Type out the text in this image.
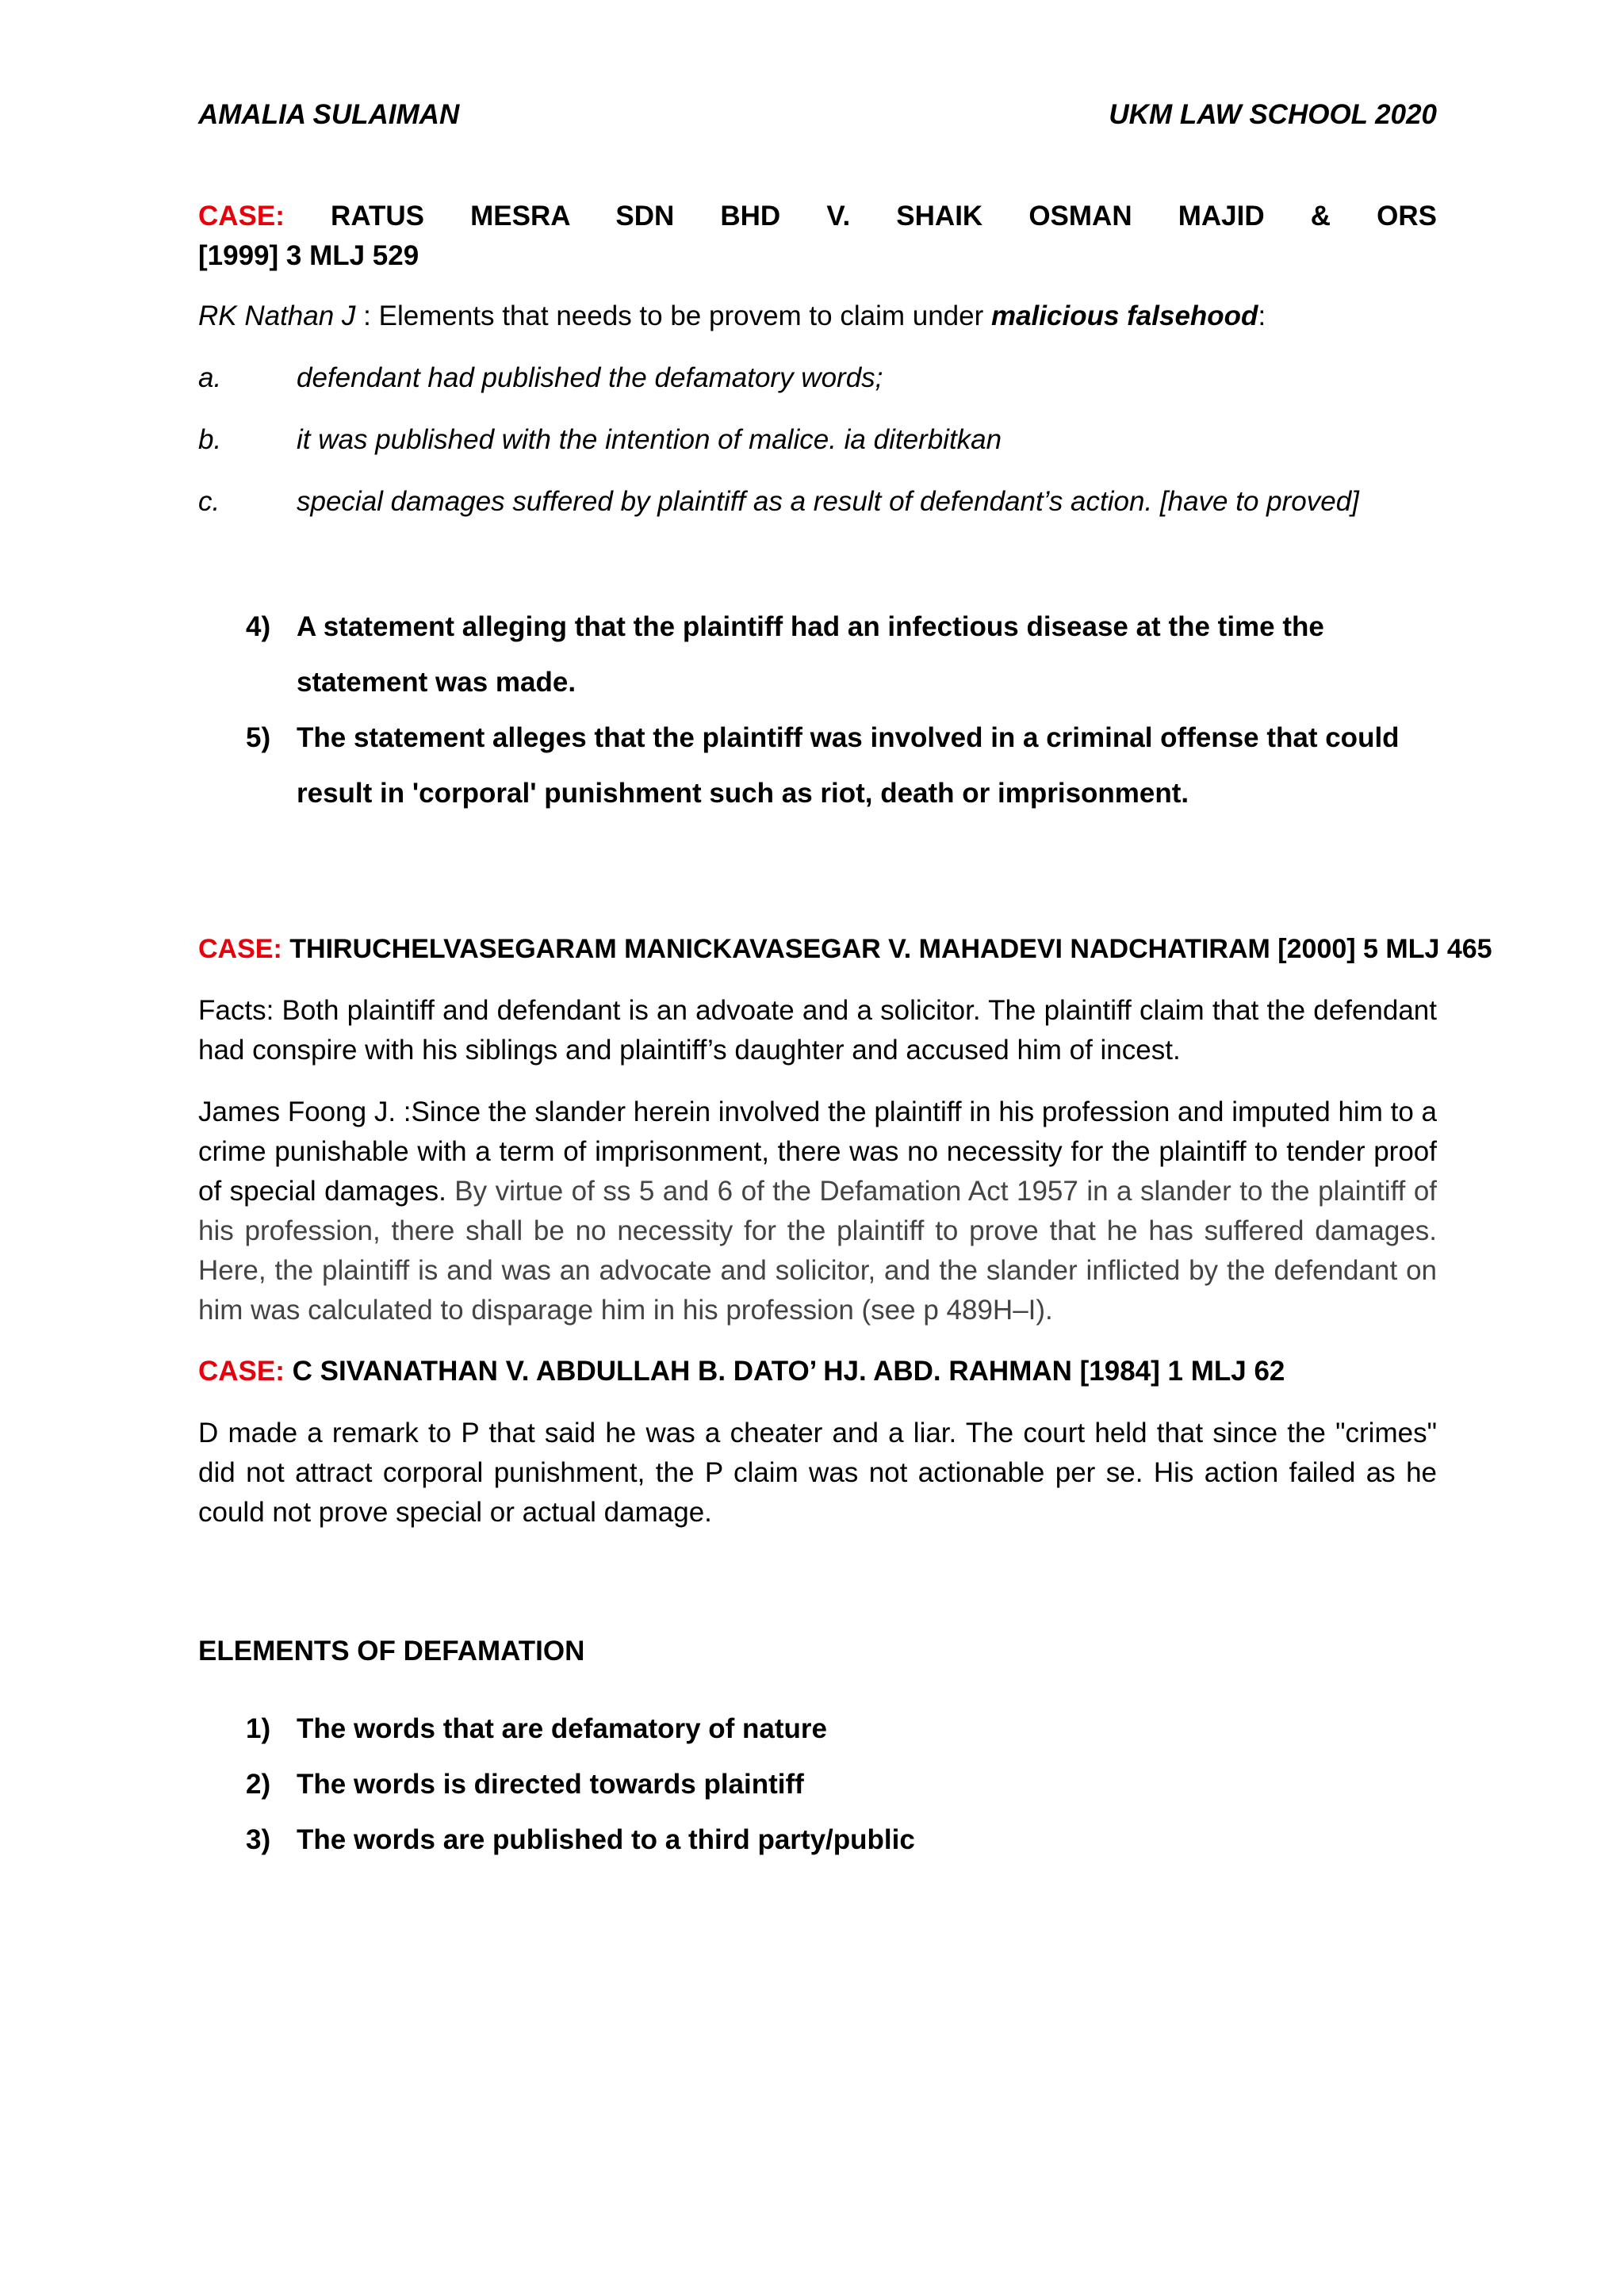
AMALIA SULAIMAN	UKM LAW SCHOOL 2020
CASE: RATUS MESRA SDN BHD V. SHAIK OSMAN MAJID & ORS
[1999] 3 MLJ 529

RK Nathan J : Elements that needs to be provem to claim under malicious falsehood:

a.	defendant had published the defamatory words;
b.	it was published with the intention of malice. ia diterbitkan
c.	special damages suffered by plaintiff as a result of defendant’s action. [have to proved]
4) A statement alleging that the plaintiff had an infectious disease at the time the statement was made.
5) The statement alleges that the plaintiff was involved in a criminal offense that could result in 'corporal' punishment such as riot, death or imprisonment.

CASE: THIRUCHELVASEGARAM MANICKAVASEGAR V. MAHADEVI NADCHATIRAM [2000] 5 MLJ 465

Facts: Both plaintiff and defendant is an advoate and a solicitor. The plaintiff claim that the defendant had conspire with his siblings and plaintiff’s daughter and accused him of incest.

James Foong J. :Since the slander herein involved the plaintiff in his profession and imputed him to a crime punishable with a term of imprisonment, there was no necessity for the plaintiff to tender proof of special damages. By virtue of ss 5 and 6 of the Defamation Act 1957 in a slander to the plaintiff of his profession, there shall be no necessity for the plaintiff to prove that he has suffered damages. Here, the plaintiff is and was an advocate and solicitor, and the slander inflicted by the defendant on him was calculated to disparage him in his profession (see p 489H–I).

CASE: C SIVANATHAN V. ABDULLAH B. DATO’ HJ. ABD. RAHMAN [1984] 1 MLJ 62

D made a remark to P that said he was a cheater and a liar. The court held that since the "crimes" did not attract corporal punishment, the P claim was not actionable per se. His action failed as he could not prove special or actual damage.

ELEMENTS OF DEFAMATION

1) The words that are defamatory of nature
2) The words is directed towards plaintiff
3) The words are published to a third party/public
